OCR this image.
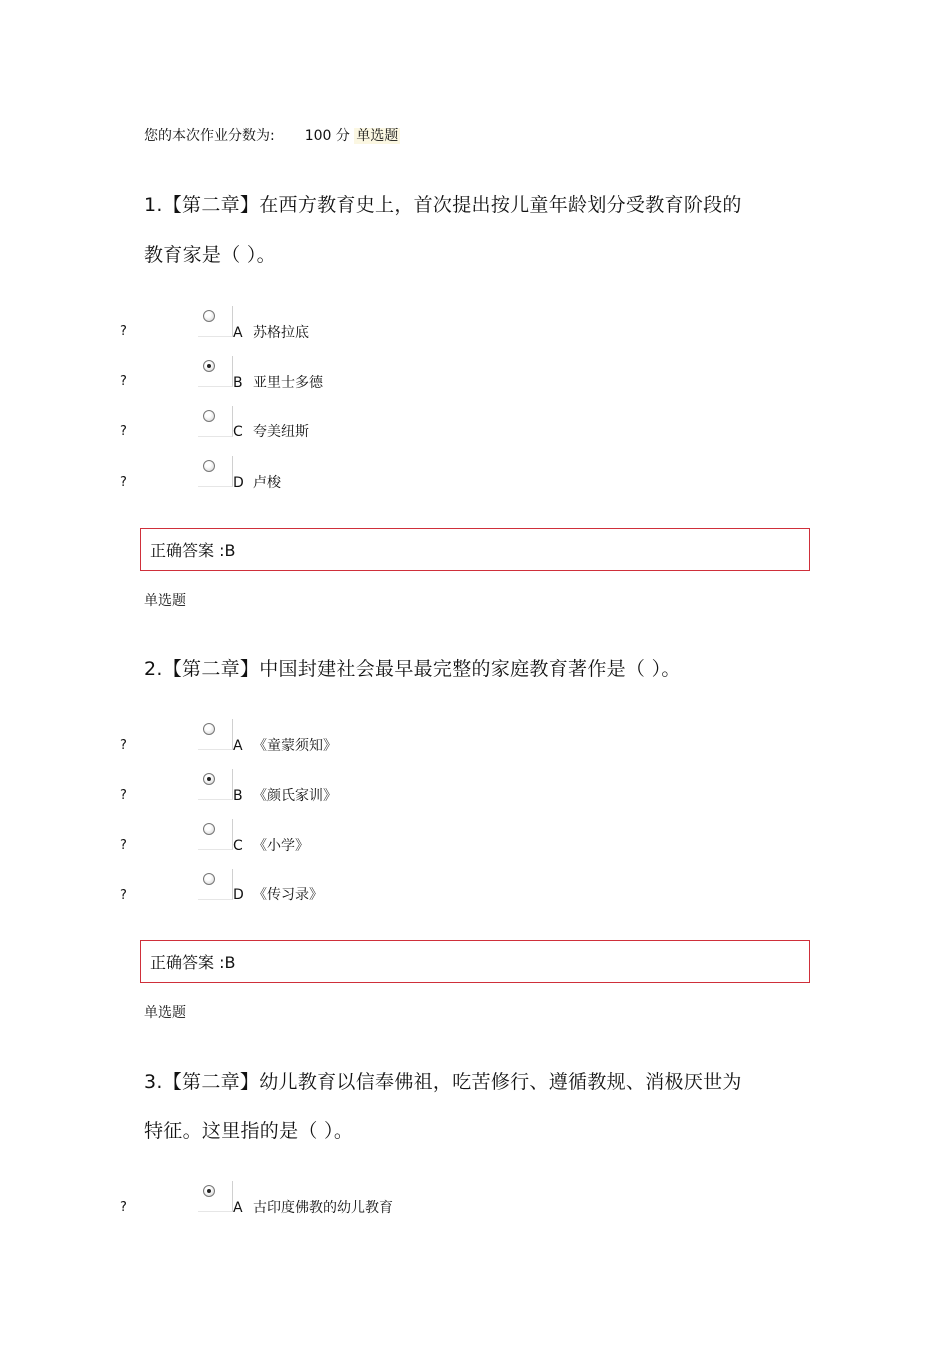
您的本次作业分数为: 100 分 单选题
1.【第二章】在西方教育史上，首次提出按儿童年龄划分受教育阶段的
教育家是（ ）。
?	A 苏格拉底
?	B 亚里士多德
?	C 夸美纽斯
?	D 卢梭
正确答案 :B
单选题
2.【第二章】中国封建社会最早最完整的家庭教育著作是（ ）。
?	A 《童蒙须知》
?	B 《颜氏家训》
?	C 《小学》
?	D 《传习录》
正确答案 :B
单选题
3.【第二章】幼儿教育以信奉佛祖，吃苦修行、遵循教规、消极厌世为
特征。这里指的是（ ）。
?	A 古印度佛教的幼儿教育
